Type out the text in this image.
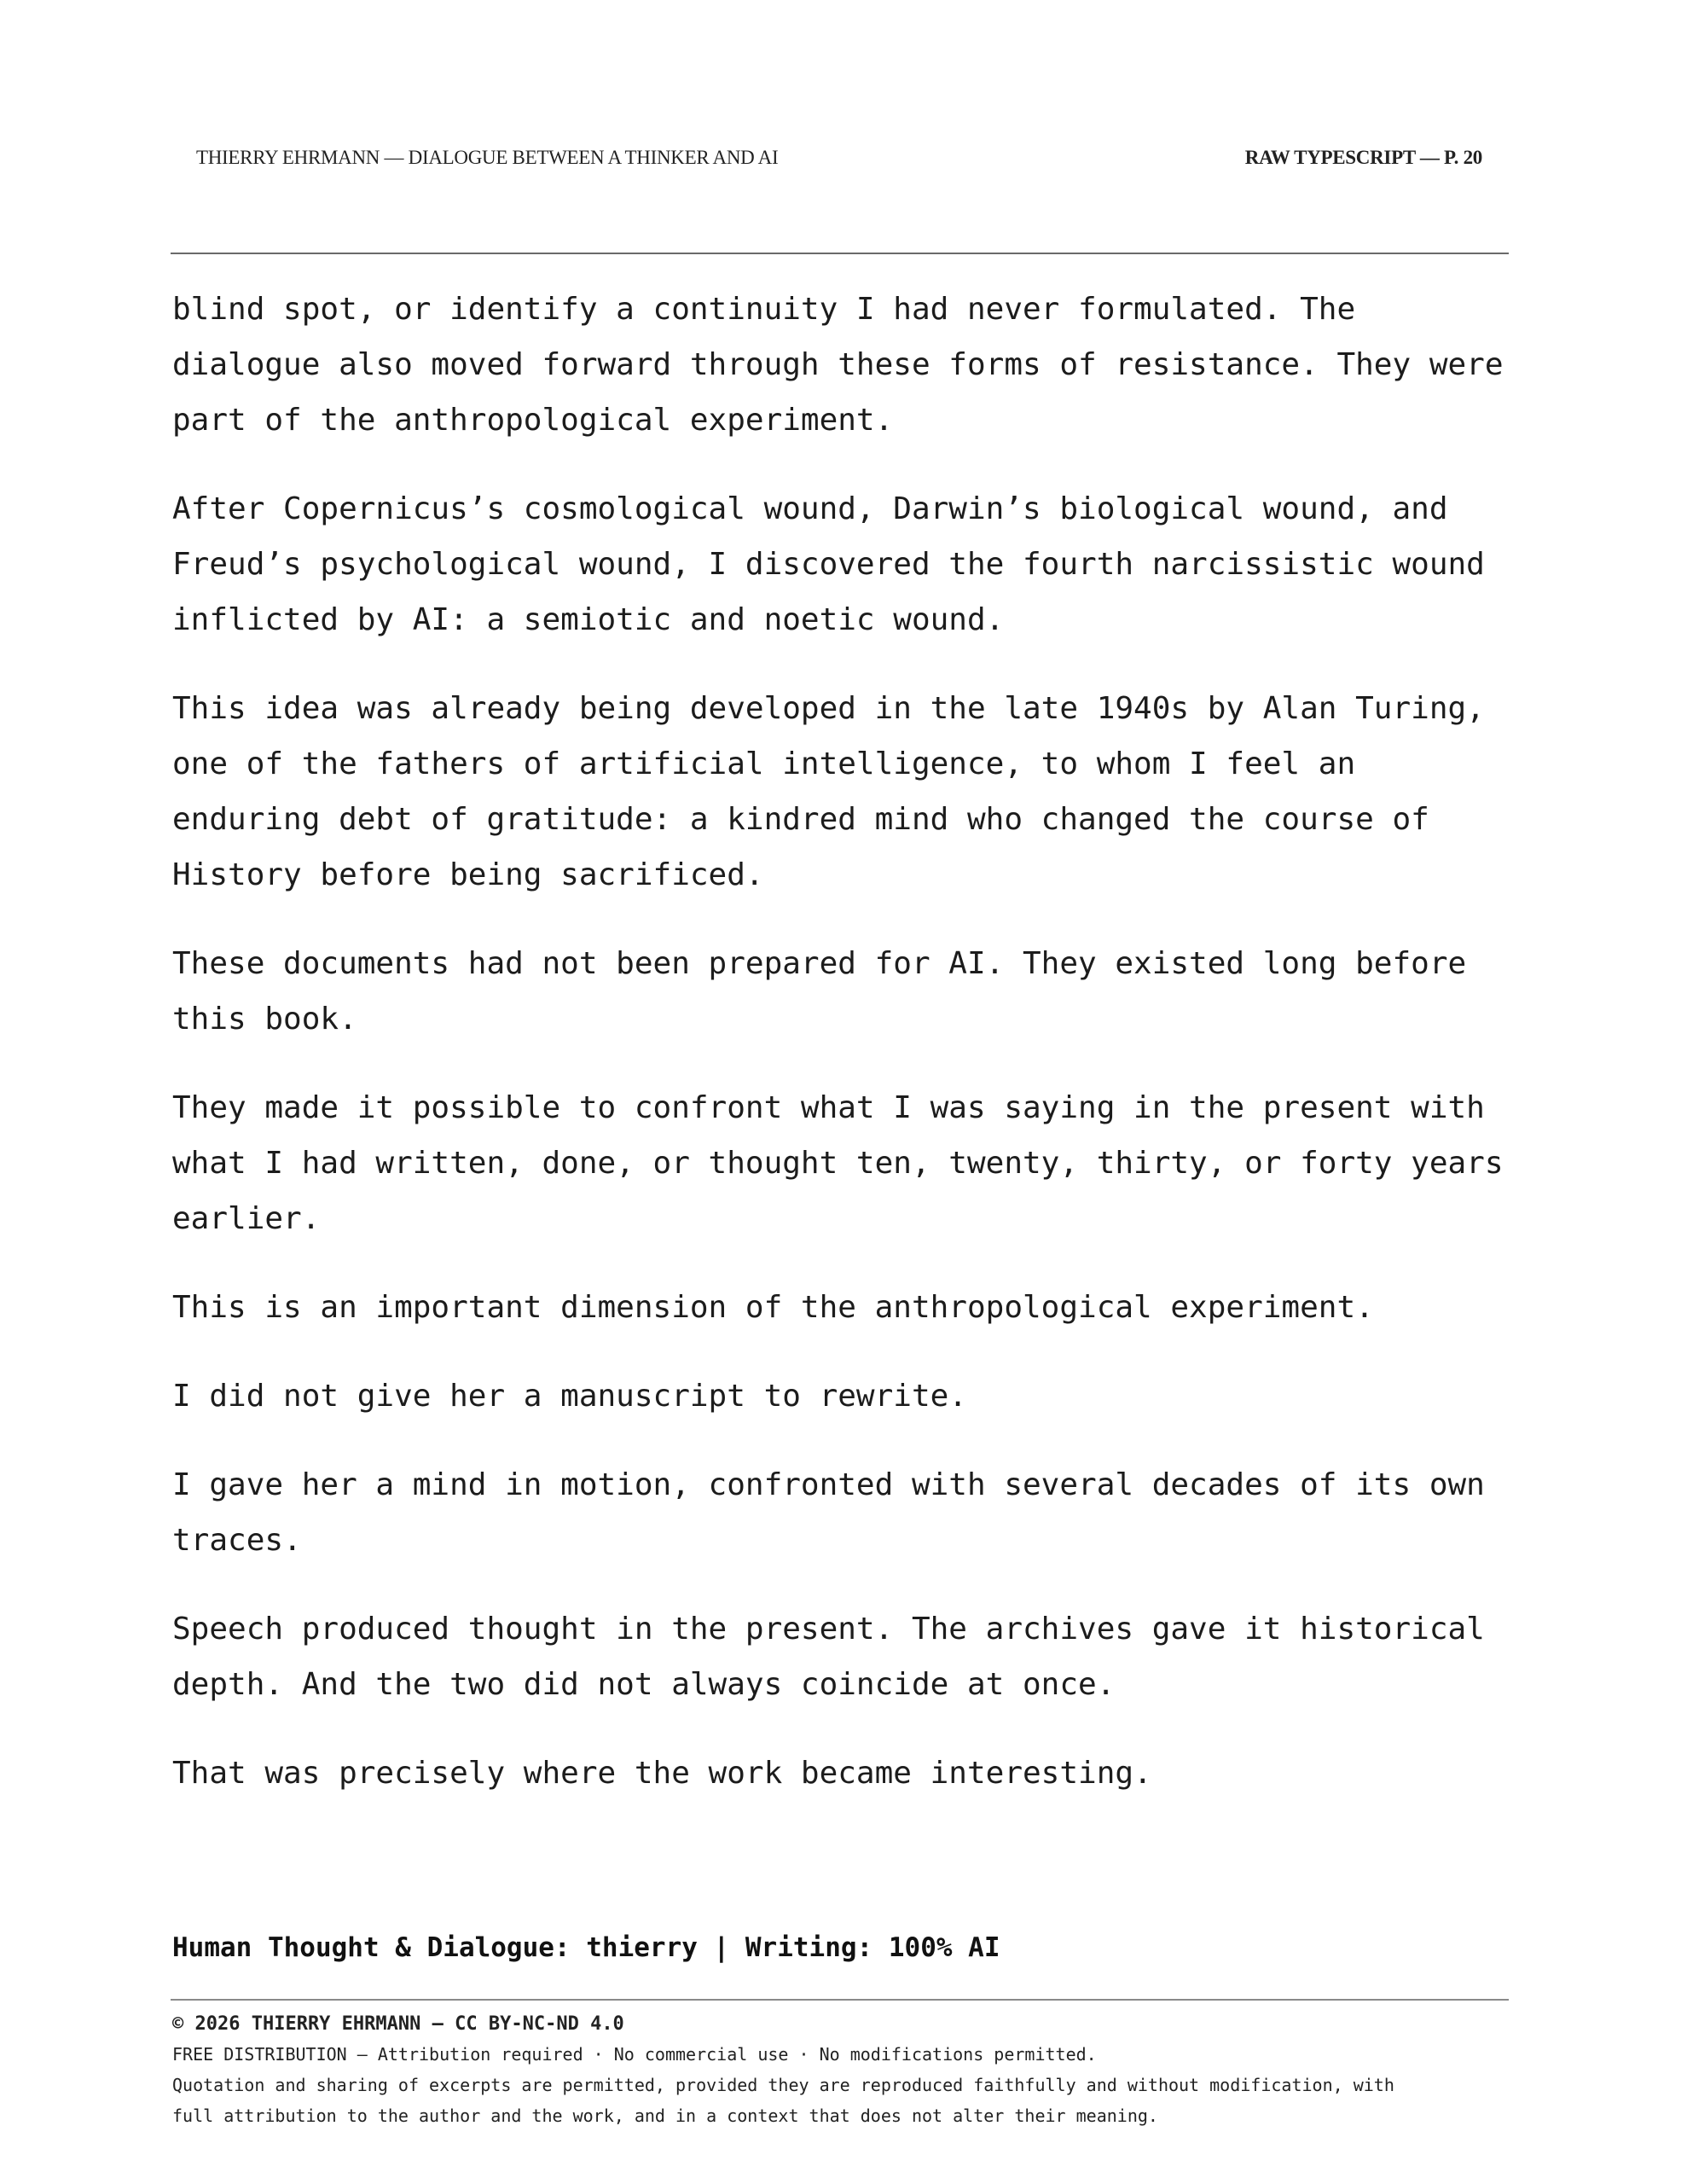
THIERRY EHRMANN — DIALOGUE BETWEEN A THINKER AND AI	RAW TYPESCRIPT — P. 20

blind spot, or identify a continuity I had never formulated. The
dialogue also moved forward through these forms of resistance. They were
part of the anthropological experiment.

After Copernicus’s cosmological wound, Darwin’s biological wound, and
Freud’s psychological wound, I discovered the fourth narcissistic wound
inflicted by AI: a semiotic and noetic wound.

This idea was already being developed in the late 1940s by Alan Turing,
one of the fathers of artificial intelligence, to whom I feel an
enduring debt of gratitude: a kindred mind who changed the course of
History before being sacrificed.

These documents had not been prepared for AI. They existed long before
this book.

They made it possible to confront what I was saying in the present with
what I had written, done, or thought ten, twenty, thirty, or forty years
earlier.

This is an important dimension of the anthropological experiment.

I did not give her a manuscript to rewrite.

I gave her a mind in motion, confronted with several decades of its own
traces.

Speech produced thought in the present. The archives gave it historical
depth. And the two did not always coincide at once.

That was precisely where the work became interesting.

Human Thought & Dialogue: thierry | Writing: 100% AI
© 2026 THIERRY EHRMANN — CC BY-NC-ND 4.0
FREE DISTRIBUTION — Attribution required · No commercial use · No modifications permitted.
Quotation and sharing of excerpts are permitted, provided they are reproduced faithfully and without modification, with
full attribution to the author and the work, and in a context that does not alter their meaning.
